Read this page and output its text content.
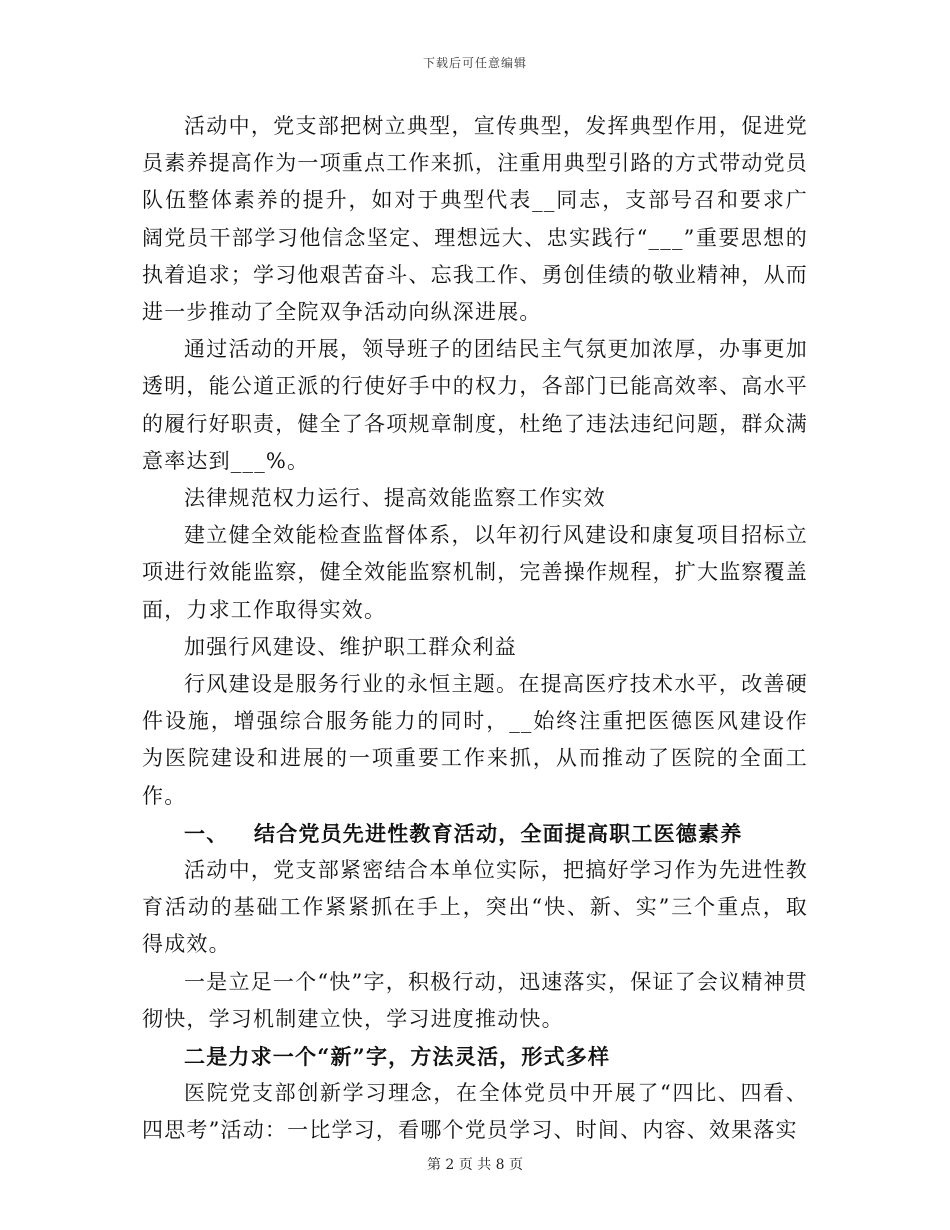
下载后可任意编辑

活动中，党支部把树立典型，宣传典型，发挥典型作用，促进党员素养提高作为一项重点工作来抓，注重用典型引路的方式带动党员队伍整体素养的提升，如对于典型代表__同志，支部号召和要求广阔党员干部学习他信念坚定、理想远大、忠实践行“___”重要思想的执着追求；学习他艰苦奋斗、忘我工作、勇创佳绩的敬业精神，从而进一步推动了全院双争活动向纵深进展。

通过活动的开展，领导班子的团结民主气氛更加浓厚，办事更加透明，能公道正派的行使好手中的权力，各部门已能高效率、高水平的履行好职责，健全了各项规章制度，杜绝了违法违纪问题，群众满意率达到___%。

法律规范权力运行、提高效能监察工作实效

建立健全效能检查监督体系，以年初行风建设和康复项目招标立项进行效能监察，健全效能监察机制，完善操作规程，扩大监察覆盖面，力求工作取得实效。

加强行风建设、维护职工群众利益

行风建设是服务行业的永恒主题。在提高医疗技术水平，改善硬件设施，增强综合服务能力的同时，__始终注重把医德医风建设作为医院建设和进展的一项重要工作来抓，从而推动了医院的全面工作。

一、 结合党员先进性教育活动，全面提高职工医德素养

活动中，党支部紧密结合本单位实际，把搞好学习作为先进性教育活动的基础工作紧紧抓在手上，突出“快、新、实”三个重点，取得成效。

一是立足一个“快”字，积极行动，迅速落实，保证了会议精神贯彻快，学习机制建立快，学习进度推动快。

二是力求一个“新”字，方法灵活，形式多样

医院党支部创新学习理念，在全体党员中开展了“四比、四看、四思考”活动：一比学习，看哪个党员学习、时间、内容、效果落实

第 2 页 共 8 页
